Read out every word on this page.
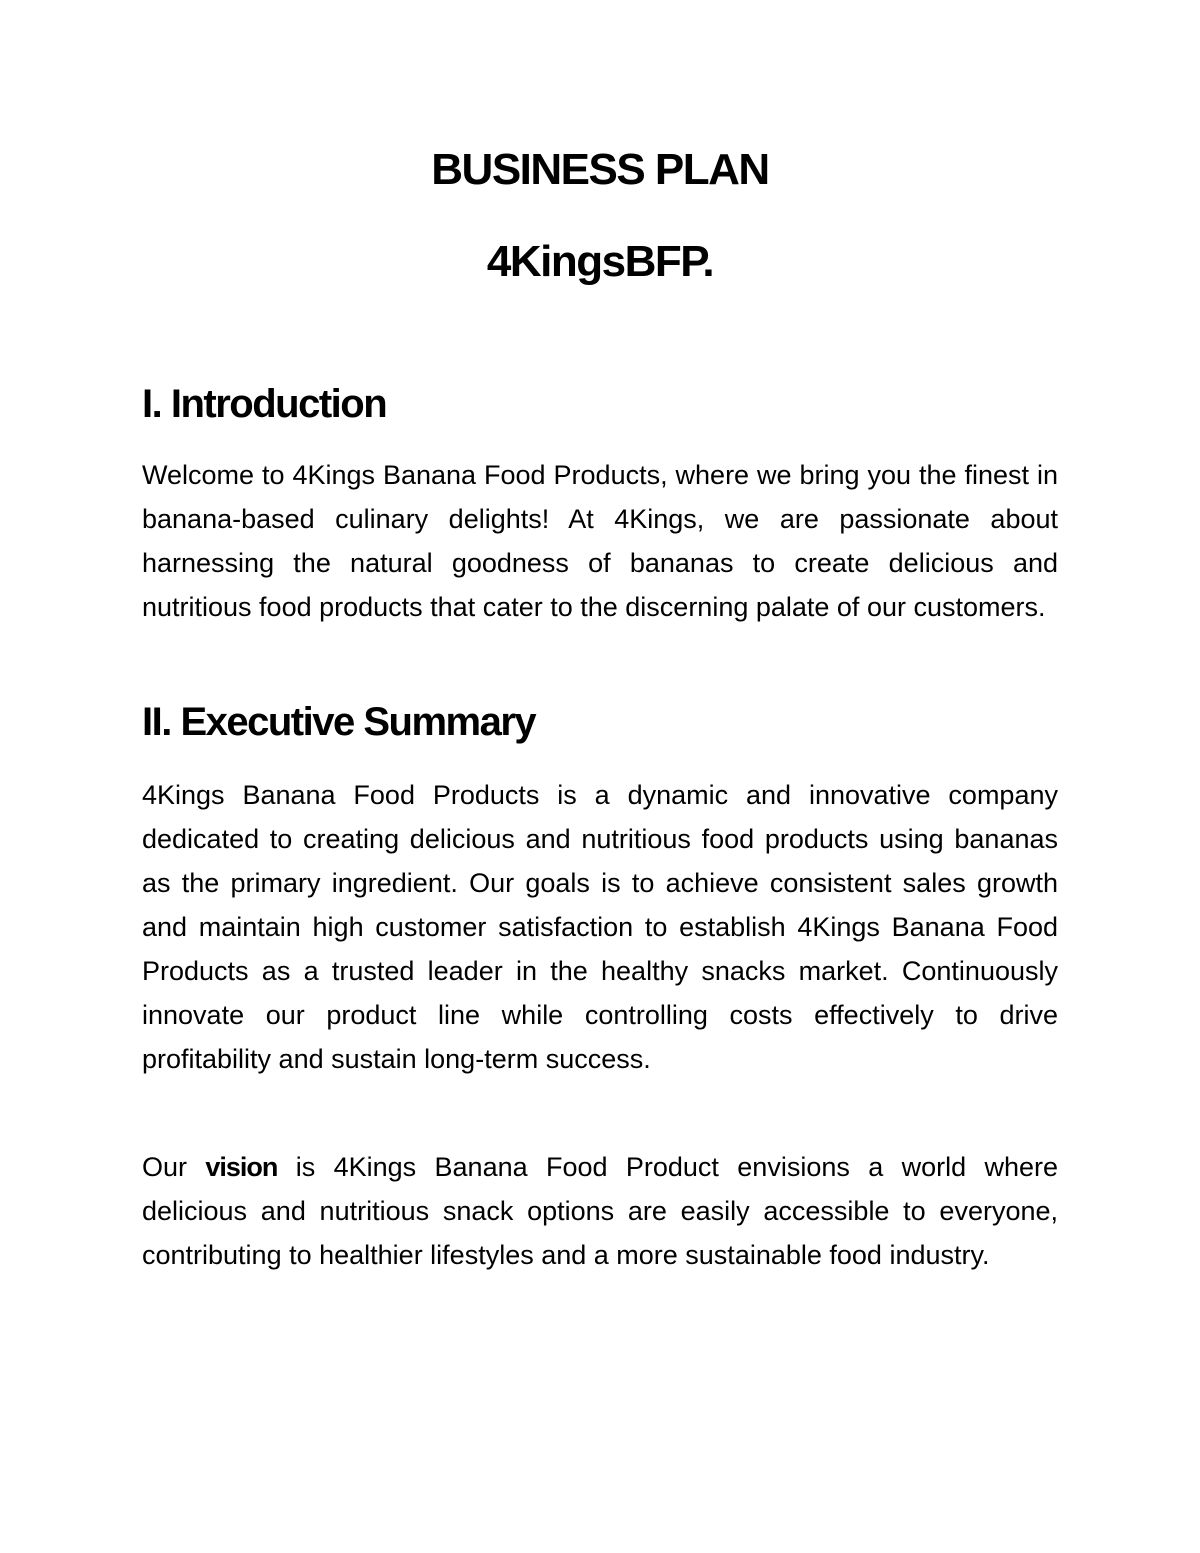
BUSINESS PLAN
4KingsBFP.
I. Introduction

Welcome to 4Kings Banana Food Products, where we bring you the finest in banana-based culinary delights! At 4Kings, we are passionate about harnessing the natural goodness of bananas to create delicious and nutritious food products that cater to the discerning palate of our customers.

II. Executive Summary

4Kings Banana Food Products is a dynamic and innovative company dedicated to creating delicious and nutritious food products using bananas as the primary ingredient. Our goals is to achieve consistent sales growth and maintain high customer satisfaction to establish 4Kings Banana Food Products as a trusted leader in the healthy snacks market. Continuously innovate our product line while controlling costs effectively to drive profitability and sustain long-term success.

Our vision is 4Kings Banana Food Product envisions a world where delicious and nutritious snack options are easily accessible to everyone, contributing to healthier lifestyles and a more sustainable food industry.
